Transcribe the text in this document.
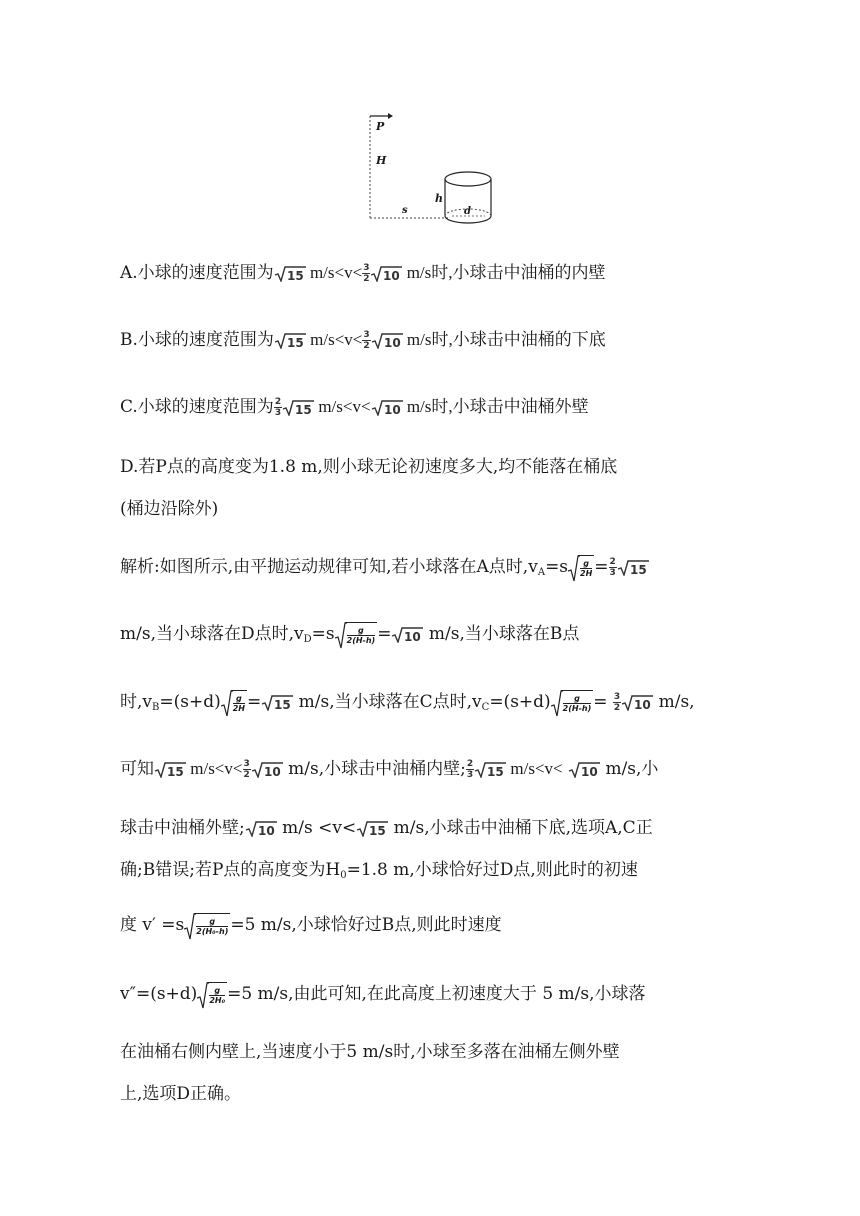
P
H
h
s	d
A.小球的速度范围为 15 $m/s<v< \frac{3}{2} 10$ m/s时,小球击中油桶的内壁
B.小球的速度范围为 15 $m/s<v< \frac{3}{2} 10$ m/s时,小球击中油桶的下底
C.小球的速度范围为 $\frac{2}{3} 15$ m/s<v< 10 m/s时,小球击中油桶外壁
D.若P点的高度变为1.8 m,则小球无论初速度多大,均不能落在桶底
(桶边沿除外)
解析:如图所示,由平抛运动规律可知,若小球落在A点时$,v_A=s \frac{g}{2H} = \frac{2}{3} 15$
m/s,当小球落在D点时$,v_D=s \frac{g}{2(H-h)} = 10$ m/s,当小球落在B点
时$,v_B=(s+d) \frac{g}{2H} = 15$ m/s,当小球落在C点时$,v_C=(s+d) \frac{g}{2(H-h)} = \frac{3}{2} 10$ m/s,
可知 15 $m/s<v< \frac{3}{2} 10$ m/s,小球击中油桶内壁; $\frac{2}{3} 15$ m/s<v< 10 m/s,小
球击中油桶外壁; 10 m/s <v< 15 m/s,小球击中油桶下底,选项A,C正
确;B错误;若P点的高度变为$H_0=1.8$ m,小球恰好过D点,则此时的初速
度 $v' =s \frac{g}{\text{2(H₀-h)}} =5$ m/s,小球恰好过B点,则此时速度
$v''=(s+d) \frac{g}{\text{2H₀}} =5$ m/s,由此可知,在此高度上初速度大于 5 m/s,小球落
在油桶右侧内壁上,当速度小于5 m/s时,小球至多落在油桶左侧外壁
上,选项D正确。
